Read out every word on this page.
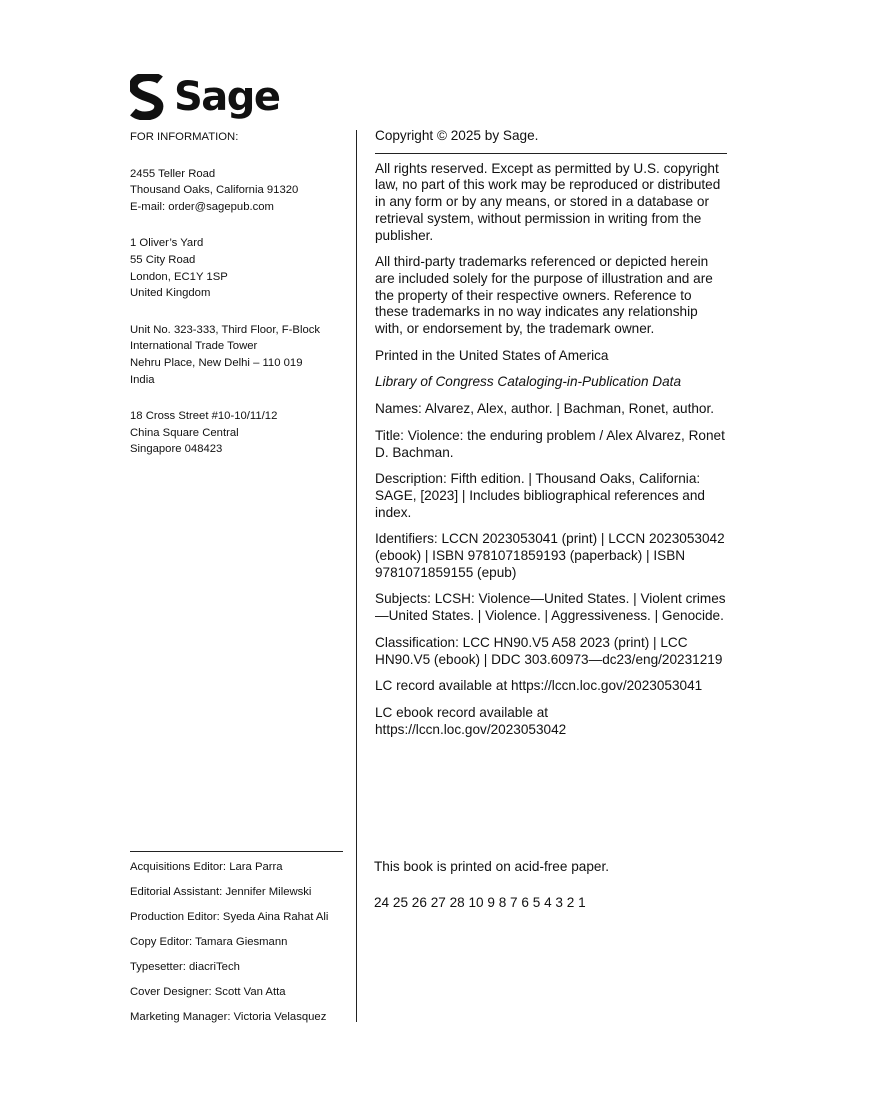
Sage
FOR INFORMATION:
2455 Teller Road
Thousand Oaks, California 91320
E-mail: order@sagepub.com
1 Oliver’s Yard
55 City Road
London, EC1Y 1SP
United Kingdom
Unit No. 323-333, Third Floor, F-Block
International Trade Tower
Nehru Place, New Delhi – 110 019
India
18 Cross Street #10-10/11/12
China Square Central
Singapore 048423

Copyright © 2025 by Sage.

All rights reserved. Except as permitted by U.S. copyright law, no part of this work may be reproduced or distributed in any form or by any means, or stored in a database or retrieval system, without permission in writing from the publisher.

All third-party trademarks referenced or depicted herein are included solely for the purpose of illustration and are the property of their respective owners. Reference to these trademarks in no way indicates any relationship with, or endorsement by, the trademark owner.

Printed in the United States of America

Library of Congress Cataloging-in-Publication Data

Names: Alvarez, Alex, author. | Bachman, Ronet, author.

Title: Violence: the enduring problem / Alex Alvarez, Ronet D. Bachman.

Description: Fifth edition. | Thousand Oaks, California: SAGE, [2023] | Includes bibliographical references and index.

Identifiers: LCCN 2023053041 (print) | LCCN 2023053042 (ebook) | ISBN 9781071859193 (paperback) | ISBN 9781071859155 (epub)

Subjects: LCSH: Violence—United States. | Violent crimes—United States. | Violence. | Aggressiveness. | Genocide.

Classification: LCC HN90.V5 A58 2023 (print) | LCC HN90.V5 (ebook) | DDC 303.60973—dc23/eng/20231219

LC record available at https://lccn.loc.gov/2023053041

LC ebook record available at https://lccn.loc.gov/2023053042

Acquisitions Editor: Lara Parra
Editorial Assistant: Jennifer Milewski
Production Editor: Syeda Aina Rahat Ali
Copy Editor: Tamara Giesmann
Typesetter: diacriTech
Cover Designer: Scott Van Atta
Marketing Manager: Victoria Velasquez

This book is printed on acid-free paper.

24 25 26 27 28 10 9 8 7 6 5 4 3 2 1
